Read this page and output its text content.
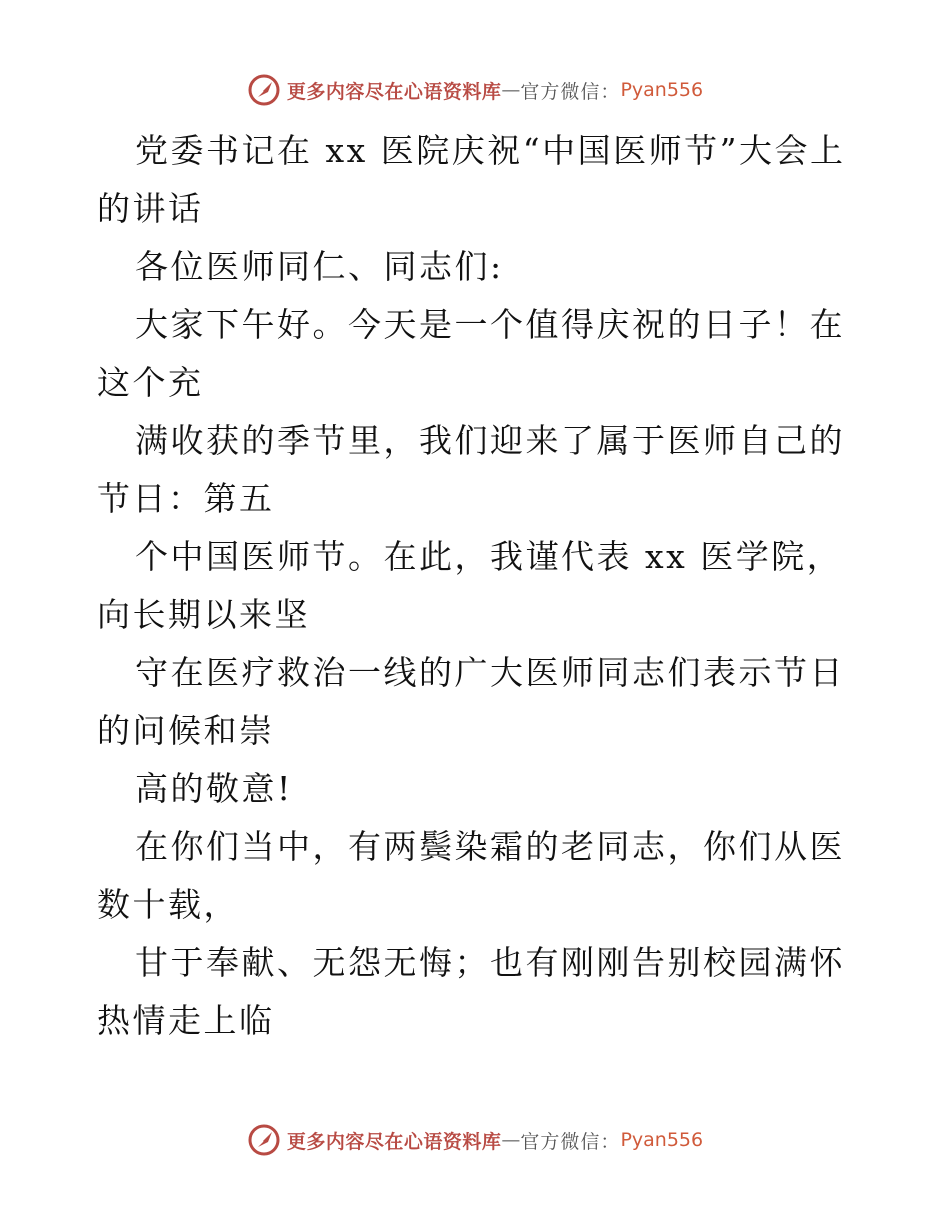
更多内容尽在心语资料库 — 官方微信： Pyan556

党委书记在 xx 医院庆祝“中国医师节”大会上的讲话

各位医师同仁、同志们:

大家下午好。今天是一个值得庆祝的日子！在这个充

满收获的季节里，我们迎来了属于医师自己的节日：第五

个中国医师节。在此，我谨代表 xx 医学院，向长期以来坚

守在医疗救治一线的广大医师同志们表示节日的问候和崇

高的敬意!

在你们当中，有两鬓染霜的老同志，你们从医数十载，

甘于奉献、无怨无悔；也有刚刚告别校园满怀热情走上临

更多内容尽在心语资料库 — 官方微信： Pyan556
